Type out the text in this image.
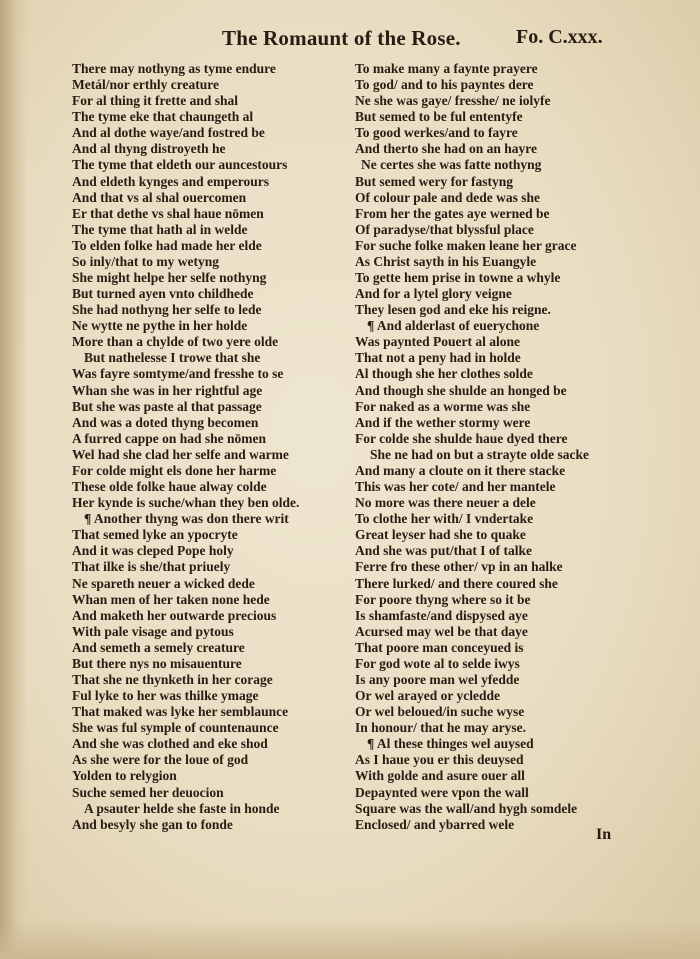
The Romaunt of the Rose.	Fo. C.xxx.
There may nothyng as tyme endure
Metál/nor erthly creature
For al thing it frette and shal
The tyme eke that chaungeth al
And al dothe waye/and fostred be
And al thyng distroyeth he
The tyme that eldeth our auncestours
And eldeth kynges and emperours
And that vs al shal ouercomen
Er that dethe vs shal haue nōmen
The tyme that hath al in welde
To elden folke had made her elde
So inly/that to my wetyng
She might helpe her selfe nothyng
But turned ayen vnto childhede
She had nothyng her selfe to lede
Ne wytte ne pythe in her holde
More than a chylde of two yere olde
But nathelesse I trowe that she
Was fayre somtyme/and fresshe to se
Whan she was in her rightful age
But she was paste al that passage
And was a doted thyng becomen
A furred cappe on had she nōmen
Wel had she clad her selfe and warme
For colde might els done her harme
These olde folke haue alway colde
Her kynde is suche/whan they ben olde.
¶ Another thyng was don there writ
That semed lyke an ypocryte
And it was cleped Pope holy
That ilke is she/that priuely
Ne spareth neuer a wicked dede
Whan men of her taken none hede
And maketh her outwarde precious
With pale visage and pytous
And semeth a semely creature
But there nys no misauenture
That she ne thynketh in her corage
Ful lyke to her was thilke ymage
That maked was lyke her semblaunce
She was ful symple of countenaunce
And she was clothed and eke shod
As she were for the loue of god
Yolden to relygion
Suche semed her deuocion
A psauter helde she faste in honde
And besyly she gan to fonde
To make many a faynte prayere
To god/ and to his payntes dere
Ne she was gaye/ fresshe/ ne iolyfe
But semed to be ful ententyfe
To good werkes/and to fayre
And therto she had on an hayre
Ne certes she was fatte nothyng
But semed wery for fastyng
Of colour pale and dede was she
From her the gates aye werned be
Of paradyse/that blyssful place
For suche folke maken leane her grace
As Christ sayth in his Euangyle
To gette hem prise in towne a whyle
And for a lytel glory veigne
They lesen god and eke his reigne.
¶ And alderlast of euerychone
Was paynted Pouert al alone
That not a peny had in holde
Al though she her clothes solde
And though she shulde an honged be
For naked as a worme was she
And if the wether stormy were
For colde she shulde haue dyed there
She ne had on but a strayte olde sacke
And many a cloute on it there stacke
This was her cote/ and her mantele
No more was there neuer a dele
To clothe her with/ I vndertake
Great leyser had she to quake
And she was put/that I of talke
Ferre fro these other/ vp in an halke
There lurked/ and there coured she
For poore thyng where so it be
Is shamfaste/and dispysed aye
Acursed may wel be that daye
That poore man conceyued is
For god wote al to selde iwys
Is any poore man wel yfedde
Or wel arayed or ycledde
Or wel beloued/in suche wyse
In honour/ that he may aryse.
¶ Al these thinges wel auysed
As I haue you er this deuysed
With golde and asure ouer all
Depaynted were vpon the wall
Square was the wall/and hygh somdele
Enclosed/ and ybarred wele
In
